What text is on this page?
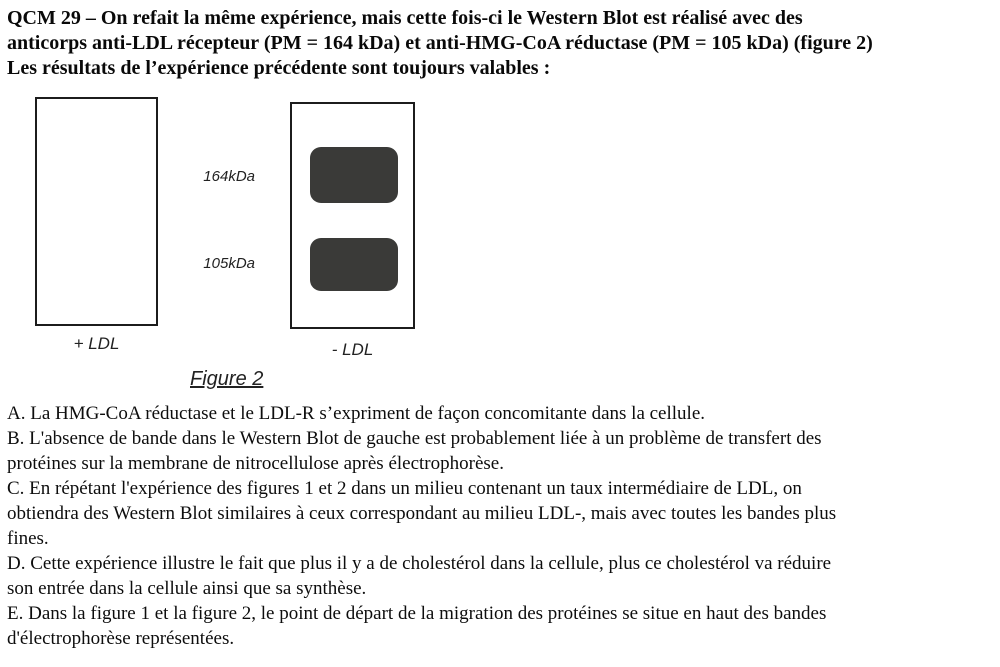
QCM 29 – On refait la même expérience, mais cette fois-ci le Western Blot est réalisé avec des
anticorps anti-LDL récepteur (PM = 164 kDa) et anti-HMG-CoA réductase (PM = 105 kDa) (figure 2)
Les résultats de l’expérience précédente sont toujours valables :
164kDa
105kDa
+ LDL	- LDL
Figure 2
A. La HMG-CoA réductase et le LDL-R s’expriment de façon concomitante dans la cellule.
B. L'absence de bande dans le Western Blot de gauche est probablement liée à un problème de transfert des
protéines sur la membrane de nitrocellulose après électrophorèse.
C. En répétant l'expérience des figures 1 et 2 dans un milieu contenant un taux intermédiaire de LDL, on
obtiendra des Western Blot similaires à ceux correspondant au milieu LDL-, mais avec toutes les bandes plus
fines.
D. Cette expérience illustre le fait que plus il y a de cholestérol dans la cellule, plus ce cholestérol va réduire
son entrée dans la cellule ainsi que sa synthèse.
E. Dans la figure 1 et la figure 2, le point de départ de la migration des protéines se situe en haut des bandes
d'électrophorèse représentées.
